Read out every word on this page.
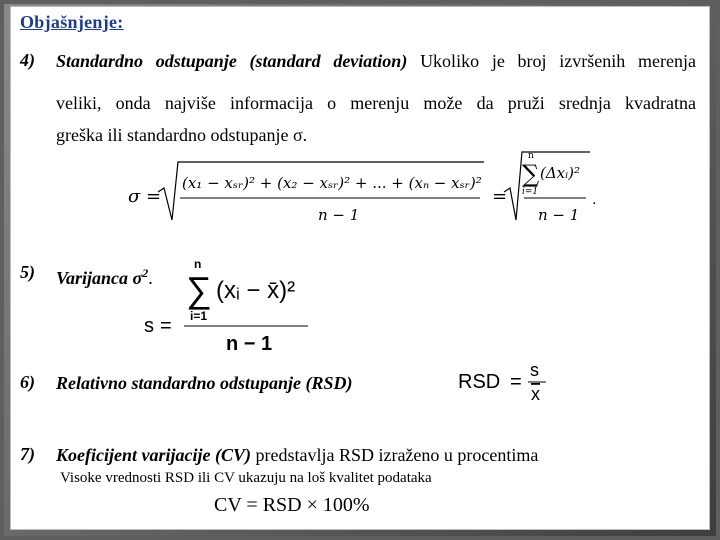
Objašnjenje:
4) Standardno odstupanje (standard deviation) Ukoliko je broj izvršenih merenja
veliki, onda najviše informacija o merenju može da pruži srednja kvadratna
greška ili standardno odstupanje σ.
σ =
(x₁ − xₛᵣ)² + (x₂ − xₛᵣ)² + ... + (xₙ − xₛᵣ)²
n − 1
=
n
∑
i=1
(Δxᵢ)²
n − 1
.
5) Varijanca $\sigma^2$.
s =
n
∑
i=1
(xᵢ − x̄)²
n − 1
6) Relativno standardno odstupanje (RSD)	RSD =
s
x
7) Koeficijent varijacije (CV) predstavlja RSD izraženo u procentima
Visoke vrednosti RSD ili CV ukazuju na loš kvalitet podataka
CV = RSD × 100%
